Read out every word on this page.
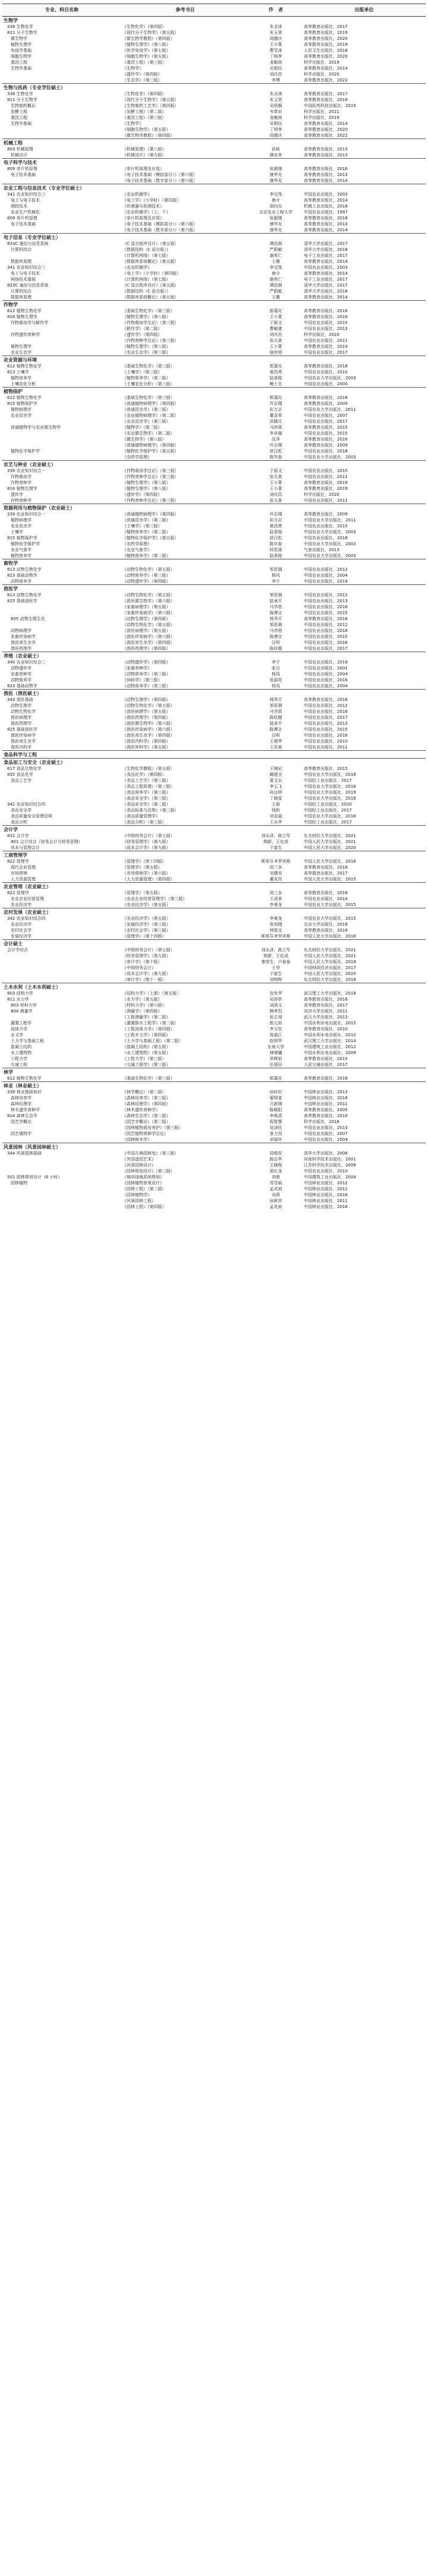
专业、科目名称	参考书目	作　者	出版单位
生物学			
338 生物化学	《生物化学》（第四版）	朱圣庚	高等教育出版社，2017
811 分子生物学	《现代分子生物学》（第五版）	朱玉贤	高等教育出版社，2019
微生物学	《微生物学教程》（第四版）	周德庆	高等教育出版社，2020
植物生理学	《植物生理学》（第八版）	王小菁	高等教育出版社，2019
免疫学基础	《医学免疫学》（第七版）	曹雪涛	人民卫生出版社，2018
细胞生物学	《细胞生物学》（第五版）	丁明孝	高等教育出版社，2020
基因工程	《基因工程》（第三版）	龙敏南	科学出版社，2019
生物学基础	《生物学》	吴相钰	高等教育出版社，2014
	《遗传学》（第四版）	刘庆昌	科学出版社，2020
	《生态学》（第三版）	李博	高等教育出版社，2022
生物与医药（专业学位硕士）			
338 生物化学	《生物化学》（第四版）	朱圣庚	高等教育出版社，2017
811 分子生物学	《现代分子生物学》（第五版）	朱玉贤	高等教育出版社，2019
生物制药概论	《生物制药工艺学》（第四版）	吴梧桐	中国医药科技出版社，2015
发酵工程	《发酵工程》（第二版）	韦革宏	科学出版社，2021
基因工程	《基因工程》（第三版）	龙敏南	科学出版社，2019
生物学基础	《生物学》	吴相钰	高等教育出版社，2014
	《细胞生物学》（第五版）	丁明孝	高等教育出版社，2020
	《微生物学教程》（第四版）	周德庆	高等教育出版社，2022
机械工程			
803 机械原理	《机械原理》（第八版）	孙桓	高等教育出版社，2013
机械设计	《机械设计》（第九版）	濮良贵	高等教育出版社，2013
电子科学与技术			
809 单片机原理	《单片机原理及应用》	张毅刚	高等教育出版社，2016
电子技术基础	《电子技术基础（模拟部分）》（第六版）	康华光	高等教育出版社，2013
	《电子技术基础（数字部分）》（第六版）	康华光	高等教育出版社，2014
农业工程与信息技术（专业学位硕士）			
341 农业知识综合三	《农业机械学》	李宝筏	中国农业出版社，2003
电工与电子技术	《电工学》（少学时）（第四版）	唐介	高等教育出版社，2014
测控技术	《传感器与检测技术》	胡向东	机械工业出版社，2018
农业生产机械化	《农业机械学》（上、下）	北京农业工程大学	中国农业出版社，1997
809 单片机原理	《单片机原理及应用》	张毅刚	高等教育出版社，2016
电子技术基础	《电子技术基础（模拟部分）》（第六版）	康华光	高等教育出版社，2013
	《电子技术基础（数字部分）》（第六版）	康华光	高等教育出版社，2014
电子信息（专业学位硕士）			
833C 通信与信息系统	《C 语言程序设计》（第五版）	谭浩强	清华大学出版社，2017
计算机综合	《数据结构（C 语言版）》	严蔚敏	清华大学出版社，2018
	《计算机网络》（第七版）	谢希仁	电子工业出版社，2017
数据库原理	《数据库系统概论》（第五版）	王珊	高等教育出版社，2014
341 农业知识综合三	《农业机械学》	李宝筏	中国农业出版社，2003
电工与电子技术	《电工学》（少学时）（第四版）	唐介	高等教育出版社，2014
网络技术基础	《计算机网络》（第七版）	谢希仁	电子工业出版社，2017
833C 通信与信息系统	《C 语言程序设计》（第五版）	谭浩强	清华大学出版社，2017
计算机综合	《数据结构（C 语言版）》	严蔚敏	清华大学出版社，2018
数据库原理	《数据库系统概论》（第五版）	王珊	高等教育出版社，2014
作物学			
612 植物生物化学	《基础生物化学》（第三版）	郭蔼光	高等教育出版社，2018
816 植物生理学	《植物生理学》（第八版）	王小菁	高等教育出版社，2019
作物栽培学与耕作学	《作物栽培学总论》（第三版）	于振文	中国农业出版社，2015
	《耕作学》（第二版）	曹敏建	中国农业出版社，2013
作物遗传育种学	《遗传学》（第四版）	刘庆昌	科学出版社，2020
	《作物育种学总论》（第三版）	张天真	中国农业出版社，2011
植物生理学	《植物生理学》（第八版）	王小菁	高等教育出版社，2019
农业生态学	《农业生态学》（第三版）	骆世明	中国农业出版社，2017
农业资源与环境			
612 植物生物化学	《基础生物化学》（第三版）	郭蔼光	高等教育出版社，2018
813 土壤学	《土壤学》（第三版）	黄昌勇	中国农业出版社，2010
植物营养学	《植物营养学》（第二版）	陆景陵	中国农业大学出版社，2003
土壤农化分析	《土壤农化分析》（第三版）	鲍士旦	中国农业出版社，2000
植物保护			
612 植物生物化学	《基础生物化学》（第三版）	郭蔼光	高等教育出版社，2018
815 植物保护学	《普通植物病理学》（第四版）	许志刚	高等教育出版社，2009
植物病理学	《普通昆虫学》（第二版）	彩万志	中国农业大学出版社，2011
农业昆虫学	《农业植物病理学》（第二版）	董金皋	中国农业出版社，2007
	《农业昆虫学》（第三版）	洪晓月	中国农业出版社，2017
普通植物学与农业微生物学	《植物学》（第二版）	马炜梁	高等教育出版社，2015
	《农业微生物学》（第二版）	李阜棣	中国农业出版社，2015
	《微生物学》（第八版）	沈萍	高等教育出版社，2016
	《普通植物病理学》（第四版）	许志刚	高等教育出版社，2009
植物化学保护学	《植物化学保护学》（第五版）	徐汉虹	中国农业出版社，2018
	《农药学原理》	陈年春	中国农业大学出版社，2003
农艺与种业（农业硕士）			
339 农业知识综合一	《作物栽培学总论》（第三版）	于振文	中国农业出版社，2015
作物栽培学	《作物育种学总论》（第三版）	张天真	中国农业出版社，2011
作物育种学	《植物生理学》（第八版）	王小菁	高等教育出版社，2019
816 植物生理学	《植物生理学》（第八版）	王小菁	高等教育出版社，2019
遗传学	《遗传学》（第四版）	刘庆昌	科学出版社，2020
作物育种学	《作物育种学总论》（第三版）	张天真	中国农业出版社，2011
资源利用与植物保护（农业硕士）			
339 农业知识综合一	《普通植物病理学》（第四版）	许志刚	高等教育出版社，2009
植物病理学	《普通昆虫学》（第二版）	彩万志	中国农业大学出版社，2011
农业昆虫学	《土壤学》（第三版）	黄昌勇	中国农业出版社，2010
土壤学	《植物营养学》（第二版）	陆景陵	中国农业大学出版社，2003
815 植物保护学	《植物化学保护学》（第五版）	徐汉虹	中国农业出版社，2018
植物化学保护学	《农药学原理》	陈年春	中国农业大学出版社，2003
农业气象学	《农业气象学》	段若溪	气象出版社，2013
植物营养学	《植物营养学》（第二版）	陆景陵	中国农业大学出版社，2003
畜牧学			
613 动物生物化学	《动物生物化学》（第五版）	邹思湘	中国农业出版社，2012
823 基础动物学	《动物营养学》（第三版）	杨凤	中国农业出版社，2004
动物营养学	《动物遗传学》（第四版）	李宁	中国农业出版社，2019
兽医学			
613 动物生物化学	《动物生物化学》（第五版）	邹思湘	中国农业出版社，2012
825 基础兽医学	《兽医微生物学》（第六版）	陆承平	中国农业出版社，2013
	《家畜病理学》（第五版）	马学恩	中国农业出版社，2016
	《家畜传染病学》（第六版）	陈溥言	中国农业出版社，2015
605 动物生理生化	《动物生理学》（第四版）	杨秀平	高等教育出版社，2016
	《动物生物化学》（第五版）	邹思湘	中国农业出版社，2012
动物病理学	《兽医病理学》（第五版）	马学恩	中国农业出版社，2016
家畜传染病学	《兽医传染病学》（第六版）	陈溥言	中国农业出版社，2015
兽医寄生虫学	《兽医寄生虫学》（第四版）	汪明	中国农业出版社，2016
兽医药理学	《兽医药理学》（第四版）	陈杖榴	中国农业出版社，2017
养殖（农业硕士）			
340 农业知识综合二	《动物遗传学》（第四版）	李宁	中国农业出版社，2019
动物遗传学	《家畜育种学》	张沅	中国农业出版社，2001
家畜育种学	《动物营养学》（第三版）	杨凤	中国农业出版社，2004
动物营养学	《饲料学》（第三版）	张丽英	中国农业出版社，2016
823 基础动物学	《动物营养学》（第三版）	杨凤	中国农业出版社，2004
兽医（兽医硕士）			
343 兽医基础	《动物生理学》（第四版）	杨秀平	高等教育出版社，2016
动物生理学	《动物生物化学》（第五版）	邹思湘	中国农业出版社，2012
动物生物化学	《兽医病理学》（第五版）	马学恩	中国农业出版社，2016
兽医病理学	《兽医药理学》（第四版）	陈杖榴	中国农业出版社，2017
兽医药理学	《兽医微生物学》（第六版）	陆承平	中国农业出版社，2013
825 基础兽医学	《兽医传染病学》（第六版）	陈溥言	中国农业出版社，2015
兽医传染病学	《兽医寄生虫学》（第四版）	汪明	中国农业出版社，2016
兽医寄生虫学	《兽医内科学》（第四版）	王建华	中国农业出版社，2010
兽医内科学	《兽医外科学》（第五版）	王洪斌	中国农业出版社，2011
食品科学与工程			
食品加工与安全（农业硕士）			
617 食品生物化学	《生物化学教程》（第五版）	王镜岩	高等教育出版社，2015
835 食品化学	《食品化学》（第四版）	阚建全	中国农业大学出版社，2016
食品工艺学	《食品工艺学》（第三版）	夏文水	中国轻工业出版社，2017
	《食品工程原理》（第三版）	李云飞	中国农业大学出版社，2018
	《食品营养学》（第三版）	孙远明	中国农业大学出版社，2019
	《食品安全学》（第三版）	丁晓雯	中国农业大学出版社，2016
341 农业知识综合四	《食品安全学》（第二版）	王硕	中国轻工业出版社，2020
食品安全学	《食品标准与法规》（第二版）	钱和	中国轻工业出版社，2017
食品质量安全管理法规	《食品质量管理学》	刘金福	中国农业大学出版社，2016
食品分析	《食品分析》（第三版）	王永华	中国轻工业出版社，2017
会计学			
831 会计学	《中级财务会计》（第七版）	刘永泽，陈立军	东北财经大学出版社，2021
801 会计综合（财务会计与财务管理）	《财务管理学》（第九版）	荆新，王化成	中国人民大学出版社，2021
成本与管理会计	《成本会计学》（第九版）	于富生	中国人民大学出版社，2020
工商管理学			
822 管理学	《管理学》（第十四版）	斯蒂芬·P.罗宾斯	中国人民大学出版社，2018
现代企业管理	《管理学》（第五版）	周三多	高等教育出版社，2018
市场营销	《市场营销学》（第六版）	吴健安	高等教育出版社，2017
人力资源管理	《人力资源管理》（第四版）	董克用	中国人民大学出版社，2015
农业管理（农业硕士）			
822 管理学	《管理学》（第五版）	周三多	高等教育出版社，2018
农业企业经营管理	《农业企业经营管理学》（第三版）	王成章	中国农业出版社，2014
农业经济学	《农业经济学》（第五版）	李秉龙	中国农业大学出版社，2015
农村发展（农业硕士）			
342 农业知识综合四	《农业经济学》（第五版）	李秉龙	中国农业大学出版社，2015
农业经济学	《发展经济学》（第三版）	张培刚	北京大学出版社，2019
农村社会学	《农村社会学》（第三版）	钟涨宝	高等教育出版社，2016
发展经济学	《管理学》（第十四版）	斯蒂芬·P.罗宾斯	中国人民大学出版社，2018
会计硕士			
会计学综合	《中级财务会计》（第七版）	刘永泽，陈立军	东北财经大学出版社，2021
	《财务管理学》（第九版）	荆新，王化成	中国人民大学出版社，2021
	《审计学》（第十版）	秦荣生，卢春泉	中国人民大学出版社，2019
	《中级财务会计》	王华	中国财政经济出版社，2017
	《成本会计学》（第九版）	于富生	中国人民大学出版社，2020
	《审计学》（第十一版）	刘明辉	东北财经大学出版社，2019
土木水利（土木水利硕士）			
803 结构力学	《结构力学》（上册）（第五版）	包世华	武汉理工大学出版社，2018
811 水力学	《水力学》（第五版）	吴持恭	高等教育出版社，2016
803 材料力学	《材料力学》（第六版）	刘鸿文	高等教育出版社，2017
804 测量学	《测量学》（第四版）	顾孝烈	同济大学出版社，2011
	《工程测量学》（第二版）	张正禄	武汉大学出版社，2013
灌溉工程学	《灌溉排水工程学》（第二版）	郭元裕	中国水利水电出版社，2015
流体力学	《工程流体力学》（第四版）	李玉柱	高等教育出版社，2010
水文学	《工程水文学》（第四版）	詹道江	中国水利水电出版社，2010
土力学与基础工程	《土力学与基础工程》（第二版）	赵明华	武汉理工大学出版社，2014
混凝土结构	《混凝土结构》（第五版）	东南大学	中国建筑工业出版社，2012
水工建筑物	《水工建筑物》（第五版）	林继镛	中国水利水电出版社，2009
工程力学	《工程力学》（第三版）	单辉祖	高等教育出版社，2015
交通工程	《交通工程学》（第三版）	任福田	人民交通出版社，2017
林学			
612 植物生物化学	《基础生物化学》（第三版）	郭蔼光	高等教育出版社，2018
林业（林业硕士）			
339 林业基础知识	《林学概论》（第二版）	孙时轩	中国林业出版社，2013
森林培育学	《森林培育学》（第三版）	翟明普	中国林业出版社，2016
森林经理学	《森林经理学》（第四版）	亢新刚	中国林业出版社，2011
林木遗传育种学	《林木遗传育种学》	陈晓阳	高等教育出版社，2005
814 森林生态学	《森林生态学》（第二版）	李俊清	高等教育出版社，2010
园艺学概论	《园艺学概论》（第二版）	程智慧	科学出版社，2018
	《园林植物栽培养护》（第三版）	吴泽民	中国农业出版社，2013
园艺植物学	《园艺植物育种学总论》	景士西	中国农业出版社，2007
	《园林树木学》	卓丽环	中国农业出版社，2004
风景园林（风景园林硕士）			
344 风景园林基础	《中国古典园林史》（第三版）	周维权	清华大学出版社，2008
	《外国造园艺术》	陈志华	河南科学技术出版社，2001
	《风景园林设计》	王晓俊	江苏科学技术出版社，2009
	《园林规划设计》（第三版）	胡长龙	中国农业出版社，2010
501 园林规划设计（6 小时）	《城市绿地系统规划》	刘骏	中国建筑工业出版社，2004
园林植物	《园林植物景观设计》	苏雪痕	中国林业出版社，2012
	《园林工程》（第二版）	孟兆祯	中国林业出版社，2012
	《园林植物学》	刘燕	中国林业出版社，2016
	《风景园林工程》	孙筱祥	中国林业出版社，2011
	《园林工程》（第四版）	孟兆祯	中国林业出版社，2016
